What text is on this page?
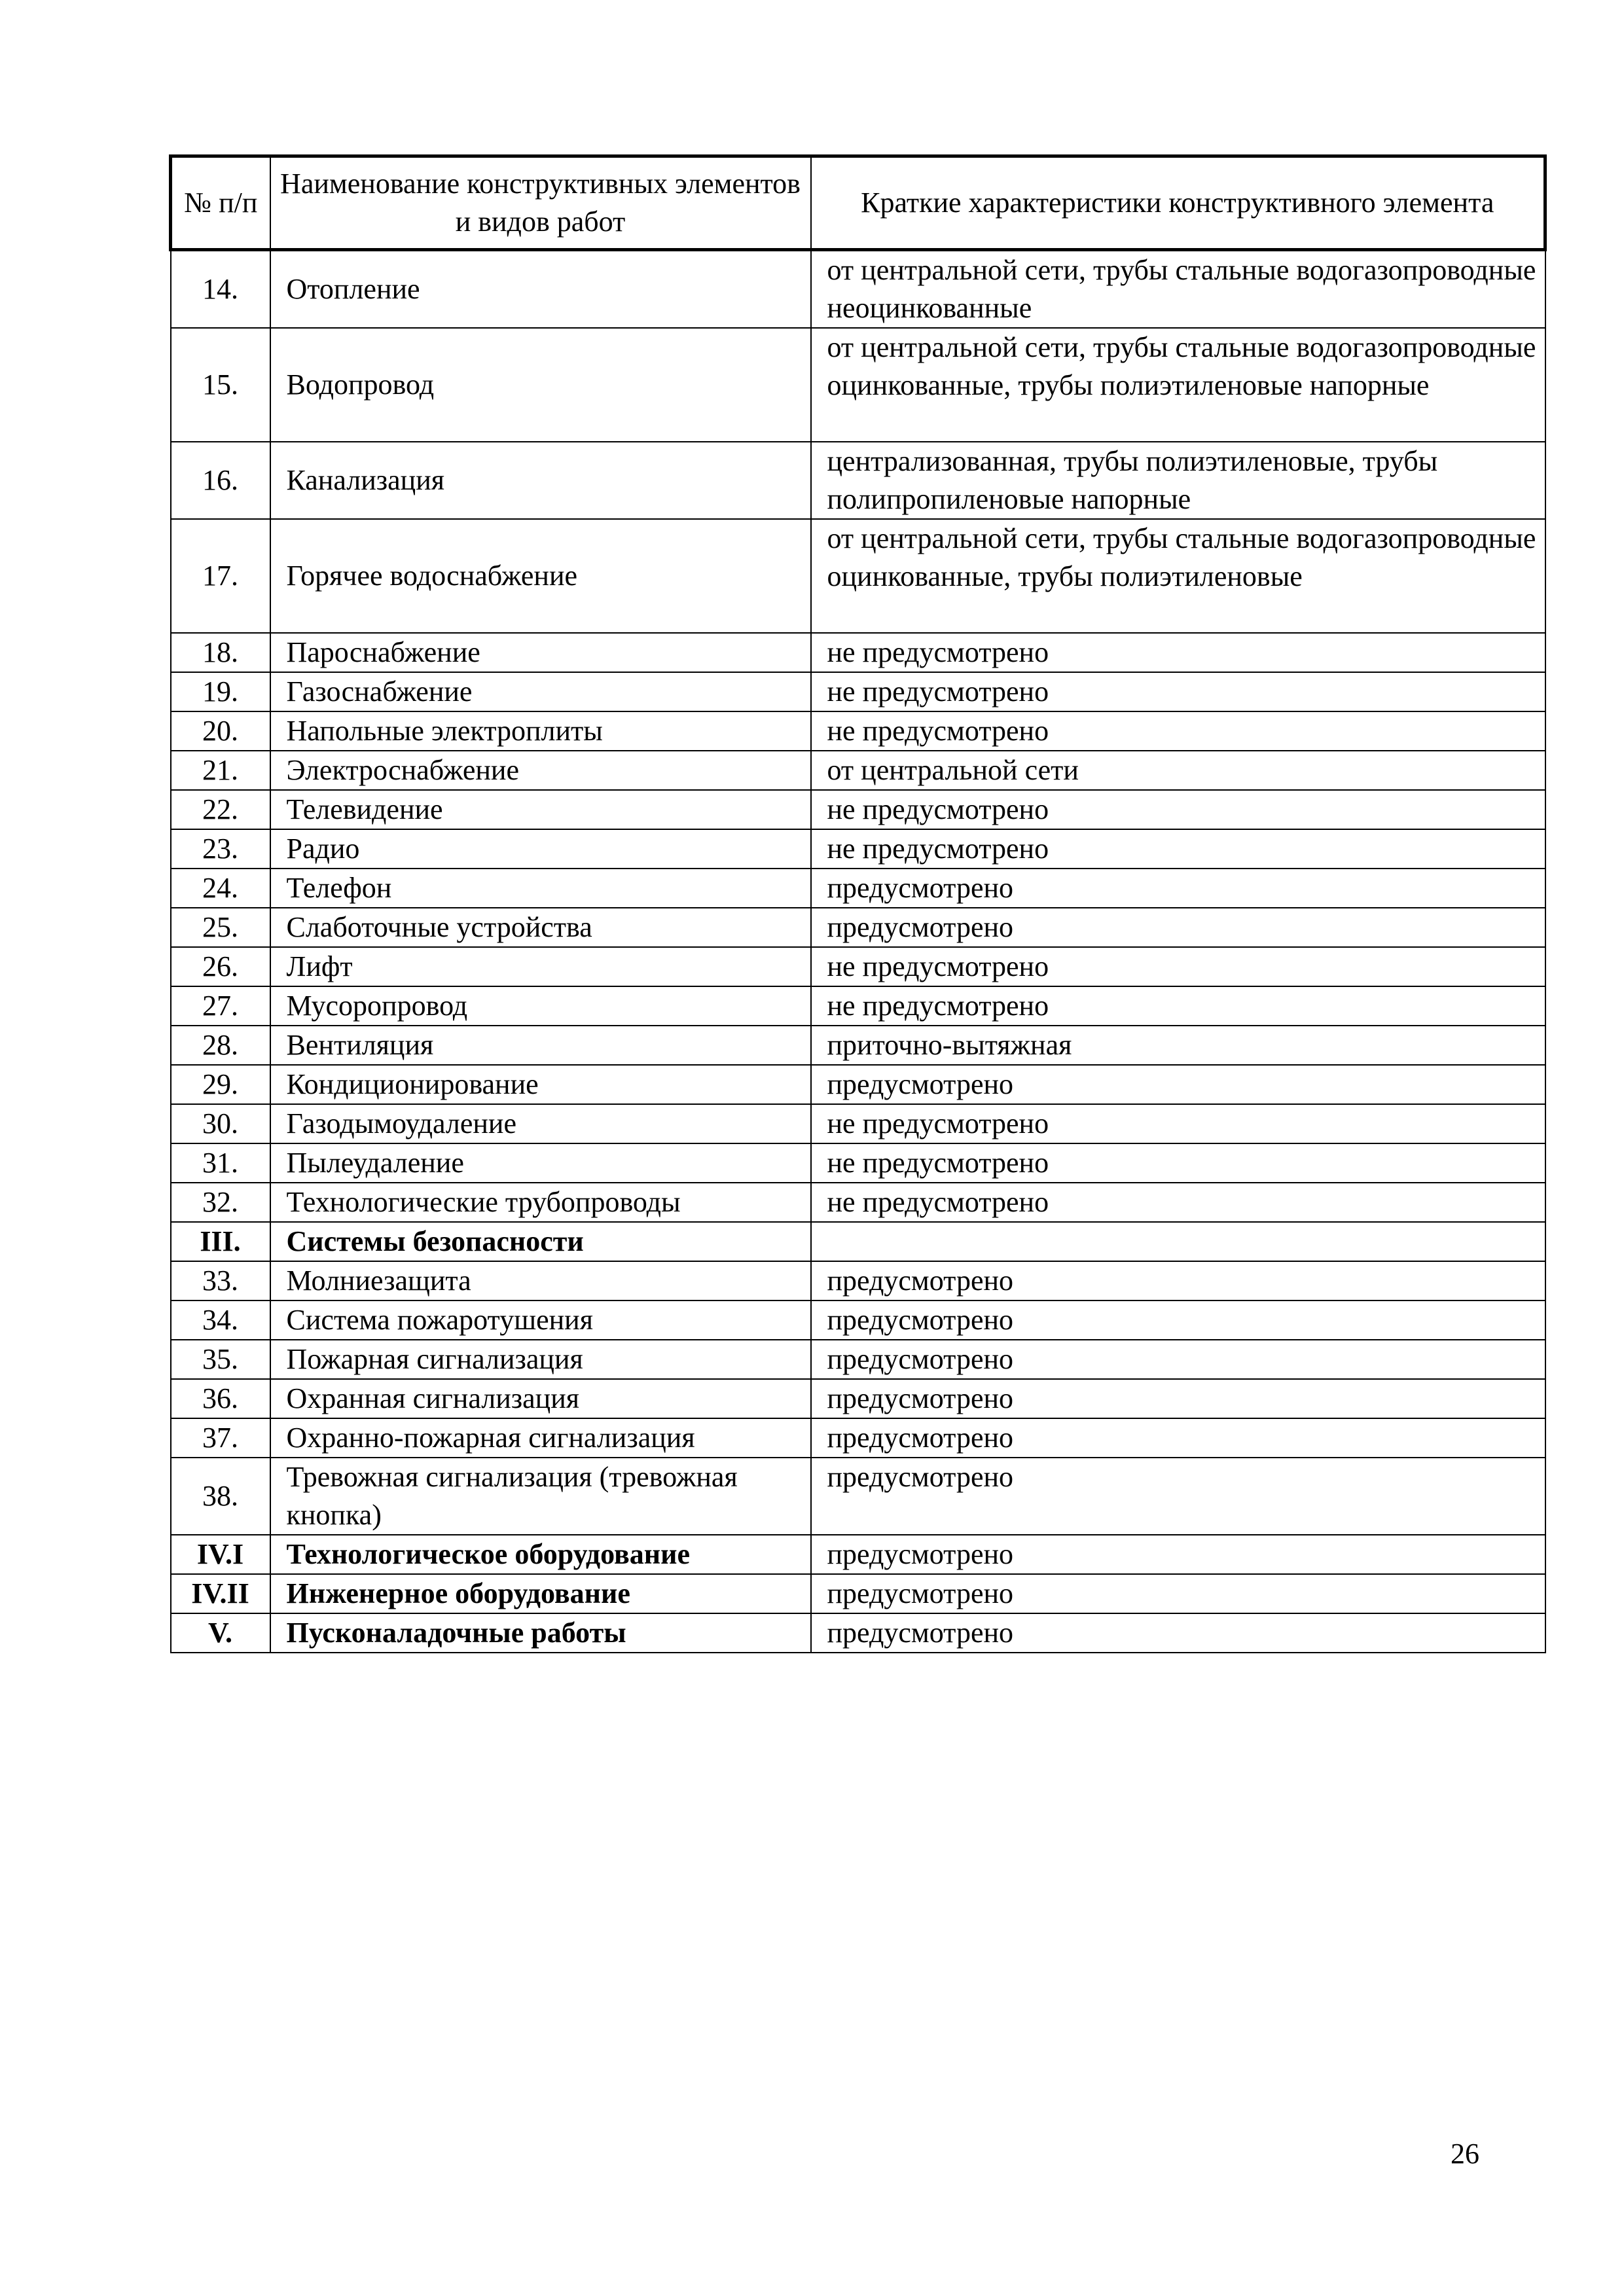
№ п/п	Наименование конструктивных элементов и видов работ	Краткие характеристики конструктивного элемента
14.	Отопление	от центральной сети, трубы стальные водогазопроводные неоцинкованные
15.	Водопровод	от центральной сети, трубы стальные водогазопроводные оцинкованные, трубы полиэтиленовые напорные
16.	Канализация	централизованная, трубы полиэтиленовые, трубы полипропиленовые напорные
17.	Горячее водоснабжение	от центральной сети, трубы стальные водогазопроводные оцинкованные, трубы полиэтиленовые
18.	Пароснабжение	не предусмотрено
19.	Газоснабжение	не предусмотрено
20.	Напольные электроплиты	не предусмотрено
21.	Электроснабжение	от центральной сети
22.	Телевидение	не предусмотрено
23.	Радио	не предусмотрено
24.	Телефон	предусмотрено
25.	Слаботочные устройства	предусмотрено
26.	Лифт	не предусмотрено
27.	Мусоропровод	не предусмотрено
28.	Вентиляция	приточно-вытяжная
29.	Кондиционирование	предусмотрено
30.	Газодымоудаление	не предусмотрено
31.	Пылеудаление	не предусмотрено
32.	Технологические трубопроводы	не предусмотрено
III.	Системы безопасности	
33.	Молниезащита	предусмотрено
34.	Система пожаротушения	предусмотрено
35.	Пожарная сигнализация	предусмотрено
36.	Охранная сигнализация	предусмотрено
37.	Охранно-пожарная сигнализация	предусмотрено
38.	Тревожная сигнализация (тревожная кнопка)	предусмотрено
IV.I	Технологическое оборудование	предусмотрено
IV.II	Инженерное оборудование	предусмотрено
V.	Пусконаладочные работы	предусмотрено
26
